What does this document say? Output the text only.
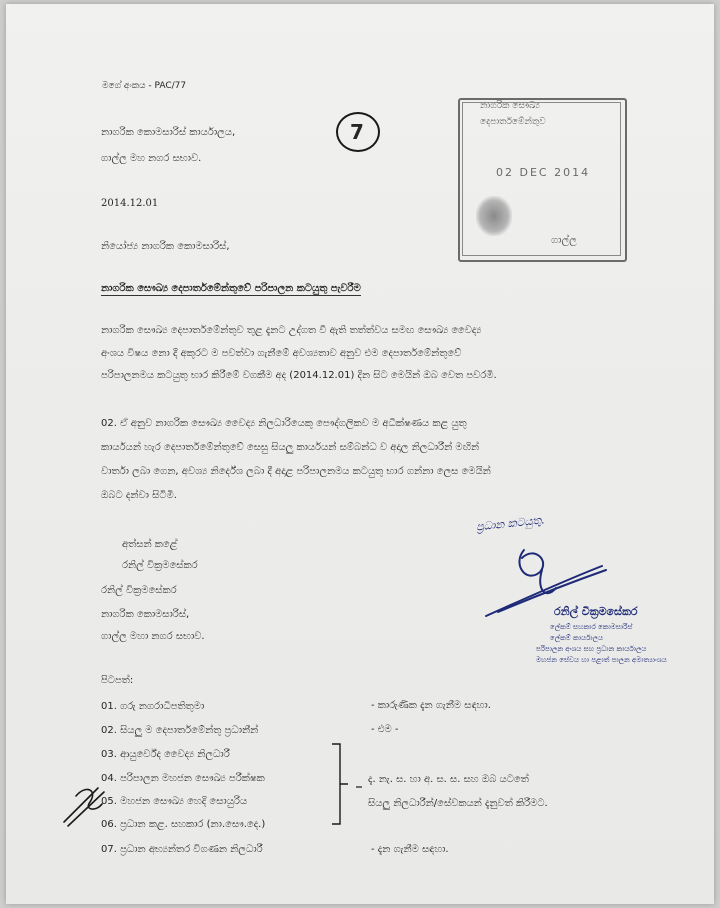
මගේ අංකය - PAC/77
නාගරික කොමසාරිස් කාර්යාලය,
ගාල්ල මහ නගර සභාව.
2014.12.01
7
නාගරික සෞඛ්‍ය
දෙපාර්තමේන්තුව
02 DEC 2014
ගාල්ල
නියෝජ්‍ය නාගරික කොමසාරිස්,
නාගරික සෞඛ්‍ය දෙපාර්තමේන්තුවේ පරිපාලන කටයුතු පැවරීම
නාගරික සෞඛ්‍ය දෙපාර්තමේන්තුව තුළ දැනට උද්ගත වී ඇති තත්ත්වය සමඟ සෞඛ්‍ය වෛද්‍ය
අංශය විෂය නො දී අකුරට ම පවත්වා ගැනීමේ අවශ්‍යතාව අනුව එම දෙපාර්තමේන්තුවේ
පරිපාලනමය කටයුතු භාර කිරීමේ වගකීම අද (2014.12.01) දින සිට මෙයින් ඔබ වෙත පවරමි.
02. ඒ අනුව නාගරික සෞඛ්‍ය වෛද්‍ය නිලධාරියෙකු පෞද්ගලිකව ම අධීක්ෂණය කළ යුතු
කාර්යයන් හැර දෙපාර්තමේන්තුවේ සෙසු සියලු කාර්යයන් සම්බන්ධ ව අදාල නිලධාරීන් මඟින්
වාර්තා ලබා ගෙන, අවශ්‍ය නිර්දේශ ලබා දී අදාළ පරිපාලනමය කටයුතු භාර ගන්නා ලෙස මෙයින්
ඔබට දන්වා සිටිමි.
අත්සන් කළේ
රනිල් වික්‍රමසේකර
රනිල් වික්‍රමසේකර
නාගරික කොමසාරිස්,
ගාල්ල මහා නගර සභාව.
ප්‍රධාන කටයුතු.
රනිල් වික්‍රමසේකර
ලේකම් සහකාර කොමසාරිස්
ලේකම් කාර්යාලය
පරිපාලන අංශය සහ ප්‍රධාන කාර්යාලය
මහජන සේවය හා පළාත් පාලන අමාත්‍යාංශය
පිටපත්:
01. ගරු නගරාධිපතිතුමා	- කාරුණික දැන ගැනීම සඳහා.
02. සියලු ම දෙපාර්තමේන්තු ප්‍රධානීන්	- එම -
03. ආයුර්වේද වෛද්‍ය නිලධාරී
04. පරිපාලන මහජන සෞඛ්‍ය පරීක්ෂක
05. මහජන සෞඛ්‍ය හෙදි සොයුරිය
06. ප්‍රධාන කළ. සහකාර (නා.සෞ.දෙ.)
07. ප්‍රධාන අභ්‍යන්තර විගණන නිලධාරී	- දැන ගැනීම සඳහා.
දැ. නැ. ස. හා අ. ස. ස. සහ ඔබ යටතේ
සියලු නිලධාරීන්/සේවකයන් දැනුවත් කිරීමට.
